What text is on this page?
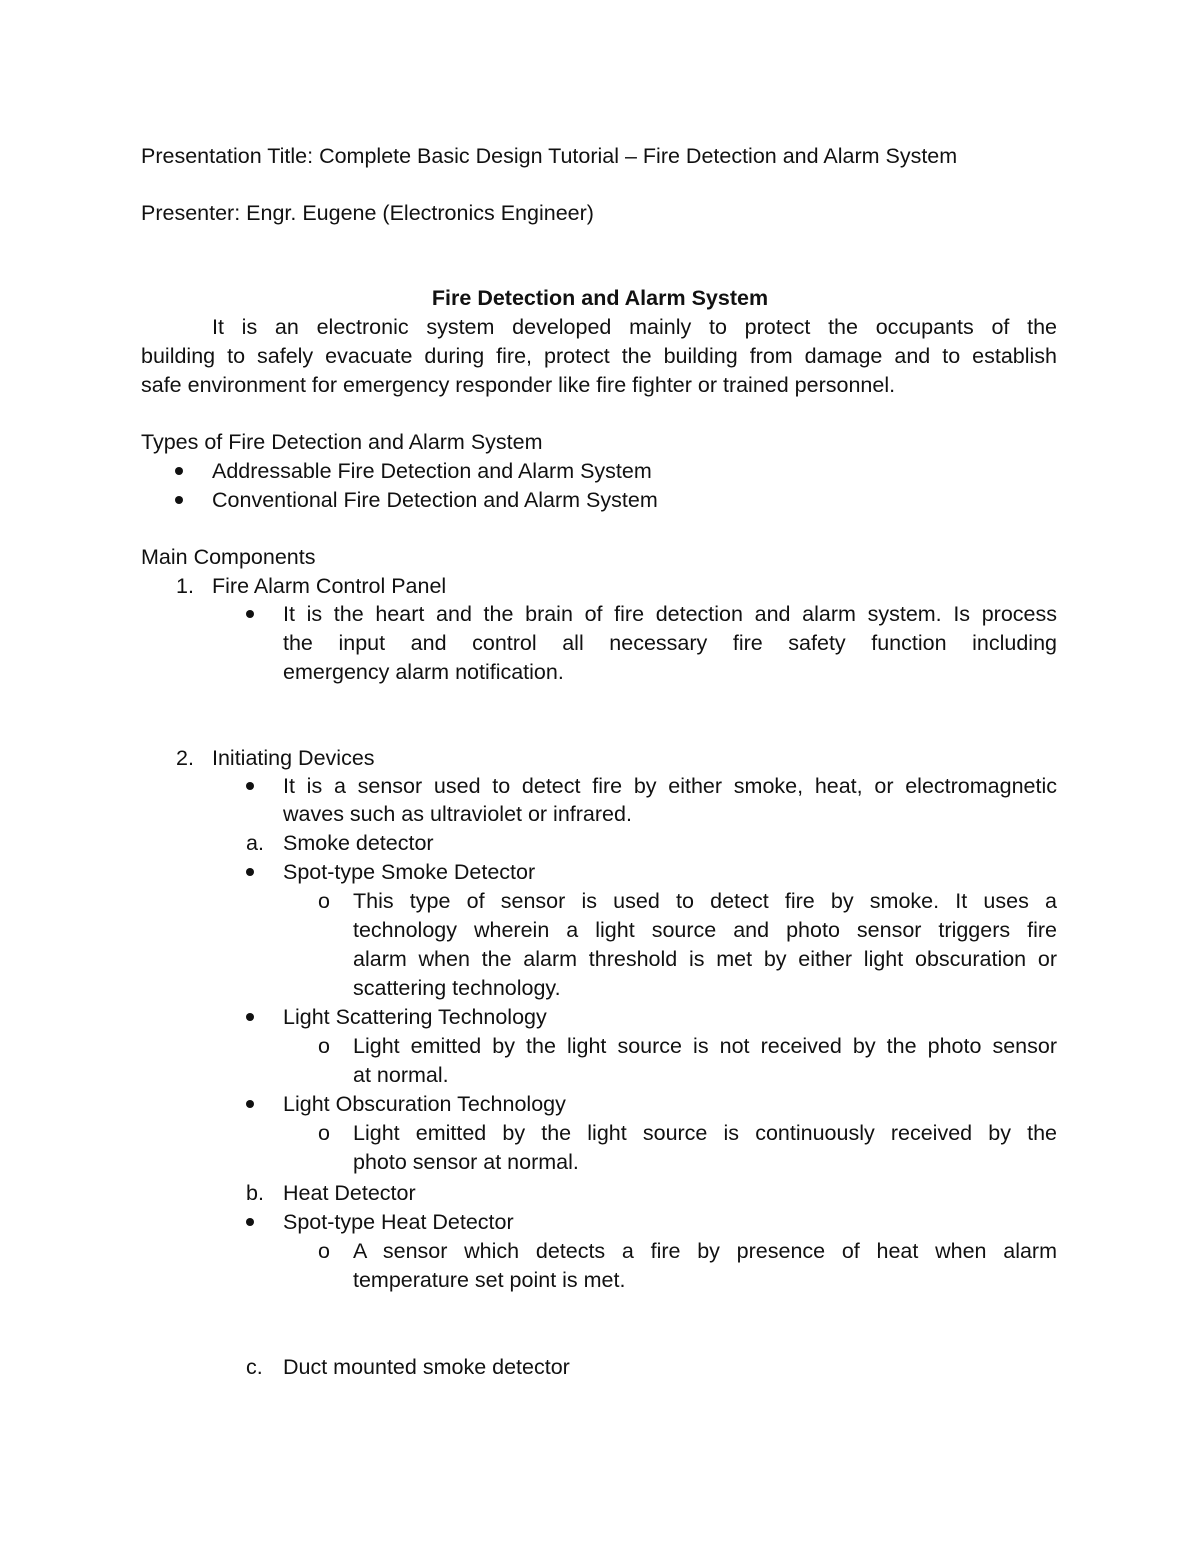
Presentation Title: Complete Basic Design Tutorial – Fire Detection and Alarm System
Presenter: Engr. Eugene (Electronics Engineer)
Fire Detection and Alarm System
It is an electronic system developed mainly to protect the occupants of the
building to safely evacuate during fire, protect the building from damage and to establish
safe environment for emergency responder like fire fighter or trained personnel.
Types of Fire Detection and Alarm System
Addressable Fire Detection and Alarm System
Conventional Fire Detection and Alarm System
Main Components
1. Fire Alarm Control Panel
It is the heart and the brain of fire detection and alarm system. Is process
the input and control all necessary fire safety function including
emergency alarm notification.
2. Initiating Devices
It is a sensor used to detect fire by either smoke, heat, or electromagnetic
waves such as ultraviolet or infrared.
a. Smoke detector
Spot-type Smoke Detector
o This type of sensor is used to detect fire by smoke. It uses a
technology wherein a light source and photo sensor triggers fire
alarm when the alarm threshold is met by either light obscuration or
scattering technology.
Light Scattering Technology
o Light emitted by the light source is not received by the photo sensor
at normal.
Light Obscuration Technology
o Light emitted by the light source is continuously received by the
photo sensor at normal.
b. Heat Detector
Spot-type Heat Detector
o A sensor which detects a fire by presence of heat when alarm
temperature set point is met.
c. Duct mounted smoke detector
